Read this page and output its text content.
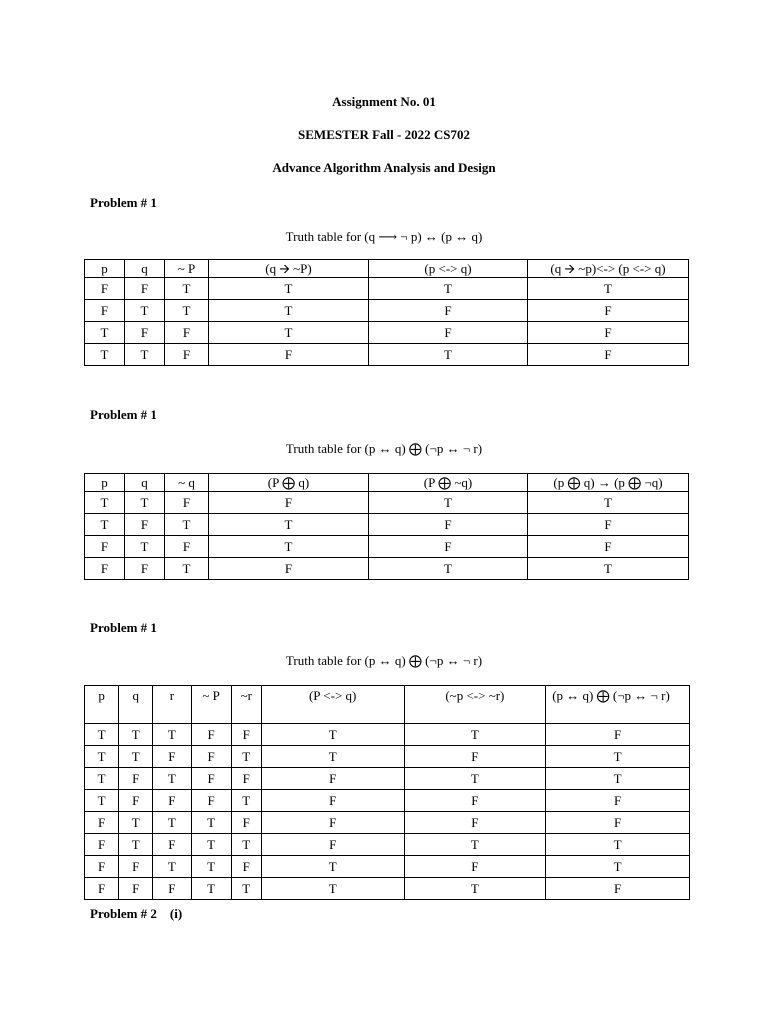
Assignment No. 01
SEMESTER Fall - 2022 CS702
Advance Algorithm Analysis and Design
Problem # 1
Truth table for (q ⟶ ¬ p) ↔ (p ↔ q)
p	q	~ P	(q 🡪 ~P)	(p <-> q)	(q 🡪 ~p)<-> (p <-> q)
F	F	T	T	T	T
F	T	T	T	F	F
T	F	F	T	F	F
T	T	F	F	T	F
Problem # 1
Truth table for (p ↔ q) ⨁ (¬p ↔ ¬ r)
p	q	~ q	(P ⨁ q)	(P ⨁ ~q)	(p ⨁ q) → (p ⨁ ¬q)
T	T	F	F	T	T
T	F	T	T	F	F
F	T	F	T	F	F
F	F	T	F	T	T
Problem # 1
Truth table for (p ↔ q) ⨁ (¬p ↔ ¬ r)
p	q	r	~ P	~r	(P <-> q)	(~p <-> ~r)	(p ↔ q) ⨁ (¬p ↔ ¬ r)
T	T	T	F	F	T	T	F
T	T	F	F	T	T	F	T
T	F	T	F	F	F	T	T
T	F	F	F	T	F	F	F
F	T	T	T	F	F	F	F
F	T	F	T	T	F	T	T
F	F	T	T	F	T	F	T
F	F	F	T	T	T	T	F
Problem # 2    (i)
